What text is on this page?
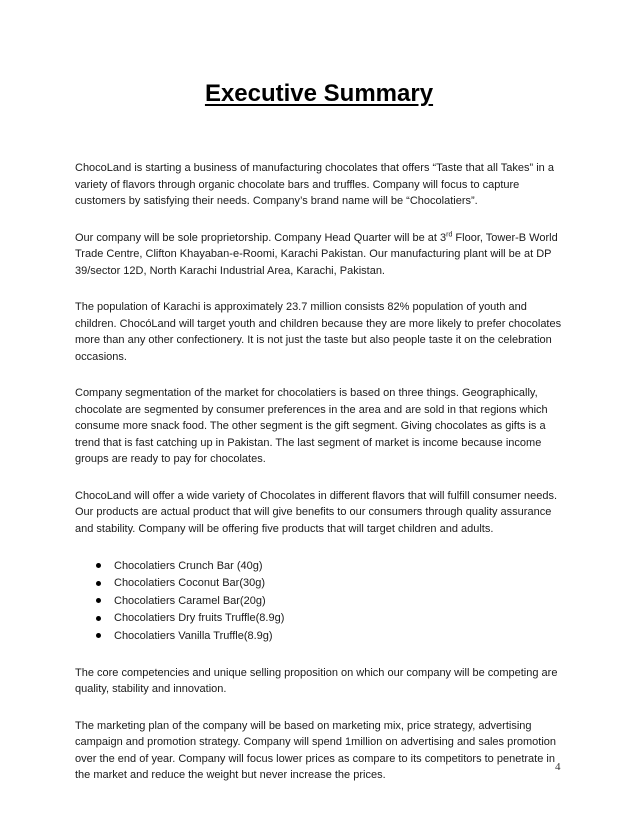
Executive Summary

ChocoLand is starting a business of manufacturing chocolates that offers “Taste that all Takes” in a variety of flavors through organic chocolate bars and truffles. Company will focus to capture customers by satisfying their needs. Company’s brand name will be “Chocolatiers”.

Our company will be sole proprietorship. Company Head Quarter will be at 3rd Floor, Tower-B World Trade Centre, Clifton Khayaban-e-Roomi, Karachi Pakistan. Our manufacturing plant will be at DP 39/sector 12D, North Karachi Industrial Area, Karachi, Pakistan.

The population of Karachi is approximately 23.7 million consists 82% population of youth and children. ChocóLand will target youth and children because they are more likely to prefer chocolates more than any other confectionery. It is not just the taste but also people taste it on the celebration occasions.

Company segmentation of the market for chocolatiers is based on three things. Geographically, chocolate are segmented by consumer preferences in the area and are sold in that regions which consume more snack food. The other segment is the gift segment. Giving chocolates as gifts is a trend that is fast catching up in Pakistan. The last segment of market is income because income groups are ready to pay for chocolates.

ChocoLand will offer a wide variety of Chocolates in different flavors that will fulfill consumer needs. Our products are actual product that will give benefits to our consumers through quality assurance and stability. Company will be offering five products that will target children and adults.

Chocolatiers Crunch Bar (40g)
Chocolatiers Coconut Bar(30g)
Chocolatiers Caramel Bar(20g)
Chocolatiers Dry fruits Truffle(8.9g)
Chocolatiers Vanilla Truffle(8.9g)

The core competencies and unique selling proposition on which our company will be competing are quality, stability and innovation.

The marketing plan of the company will be based on marketing mix, price strategy, advertising campaign and promotion strategy. Company will spend 1million on advertising and sales promotion over the end of year. Company will focus lower prices as compare to its competitors to penetrate in the market and reduce the weight but never increase the prices.

4
